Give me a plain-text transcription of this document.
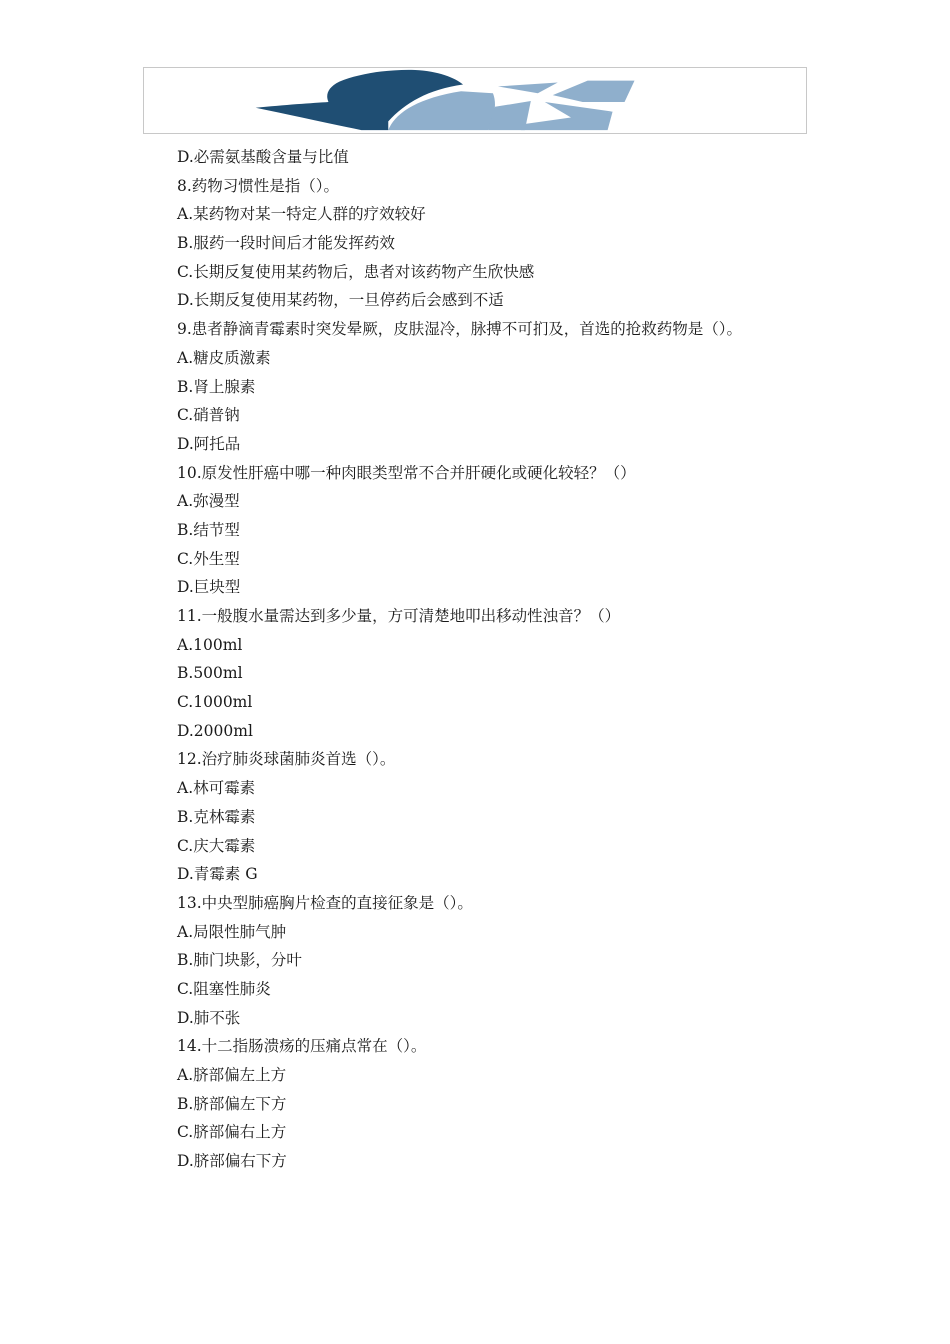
D.必需氨基酸含量与比值
8.药物习惯性是指（）。
A.某药物对某一特定人群的疗效较好
B.服药一段时间后才能发挥药效
C.长期反复使用某药物后，患者对该药物产生欣快感
D.长期反复使用某药物，一旦停药后会感到不适
9.患者静滴青霉素时突发晕厥，皮肤湿冷，脉搏不可扪及，首选的抢救药物是（）。
A.糖皮质激素
B.肾上腺素
C.硝普钠
D.阿托品
10.原发性肝癌中哪一种肉眼类型常不合并肝硬化或硬化较轻？（）
A.弥漫型
B.结节型
C.外生型
D.巨块型
11.一般腹水量需达到多少量，方可清楚地叩出移动性浊音？（）
A.100ml
B.500ml
C.1000ml
D.2000ml
12.治疗肺炎球菌肺炎首选（）。
A.林可霉素
B.克林霉素
C.庆大霉素
D.青霉素 G
13.中央型肺癌胸片检查的直接征象是（）。
A.局限性肺气肿
B.肺门块影，分叶
C.阻塞性肺炎
D.肺不张
14.十二指肠溃疡的压痛点常在（）。
A.脐部偏左上方
B.脐部偏左下方
C.脐部偏右上方
D.脐部偏右下方
